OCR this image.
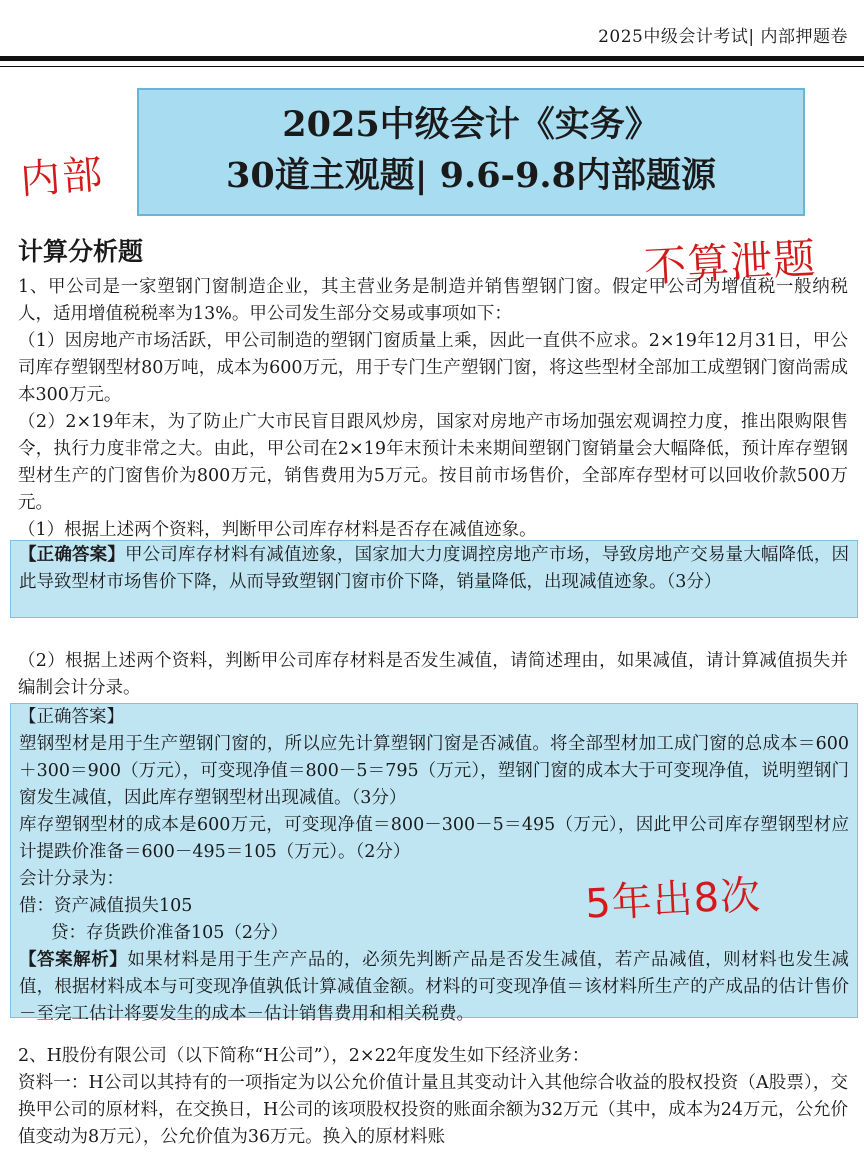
2025中级会计考试| 内部押题卷
2025中级会计《实务》
30道主观题| 9.6-9.8内部题源
内部
不算泄题
计算分析题
1、甲公司是一家塑钢门窗制造企业，其主营业务是制造并销售塑钢门窗。假定甲公司为增值税一般纳税人，适用增值税税率为13%。甲公司发生部分交易或事项如下：
（1）因房地产市场活跃，甲公司制造的塑钢门窗质量上乘，因此一直供不应求。2×19年12月31日，甲公司库存塑钢型材80万吨，成本为600万元，用于专门生产塑钢门窗，将这些型材全部加工成塑钢门窗尚需成本300万元。
（2）2×19年末，为了防止广大市民盲目跟风炒房，国家对房地产市场加强宏观调控力度，推出限购限售令，执行力度非常之大。由此，甲公司在2×19年末预计未来期间塑钢门窗销量会大幅降低，预计库存塑钢型材生产的门窗售价为800万元，销售费用为5万元。按目前市场售价，全部库存型材可以回收价款500万元。
（1）根据上述两个资料，判断甲公司库存材料是否存在减值迹象。
【正确答案】甲公司库存材料有减值迹象，国家加大力度调控房地产市场，导致房地产交易量大幅降低，因此导致型材市场售价下降，从而导致塑钢门窗市价下降，销量降低，出现减值迹象。（3分）
（2）根据上述两个资料，判断甲公司库存材料是否发生减值，请简述理由，如果减值，请计算减值损失并编制会计分录。
【正确答案】
塑钢型材是用于生产塑钢门窗的，所以应先计算塑钢门窗是否减值。将全部型材加工成门窗的总成本＝600＋300＝900（万元），可变现净值＝800－5＝795（万元），塑钢门窗的成本大于可变现净值，说明塑钢门窗发生减值，因此库存塑钢型材出现减值。（3分）
库存塑钢型材的成本是600万元，可变现净值＝800－300－5＝495（万元），因此甲公司库存塑钢型材应计提跌价准备＝600－495＝105（万元）。（2分）
会计分录为：
借：资产减值损失105
贷：存货跌价准备105（2分）
【答案解析】如果材料是用于生产产品的，必须先判断产品是否发生减值，若产品减值，则材料也发生减值，根据材料成本与可变现净值孰低计算减值金额。材料的可变现净值＝该材料所生产的产成品的估计售价－至完工估计将要发生的成本－估计销售费用和相关税费。
5年出8次
2、H股份有限公司（以下简称“H公司”），2×22年度发生如下经济业务：
资料一：H公司以其持有的一项指定为以公允价值计量且其变动计入其他综合收益的股权投资（A股票），交换甲公司的原材料，在交换日，H公司的该项股权投资的账面余额为32万元（其中，成本为24万元，公允价值变动为8万元），公允价值为36万元。换入的原材料账
